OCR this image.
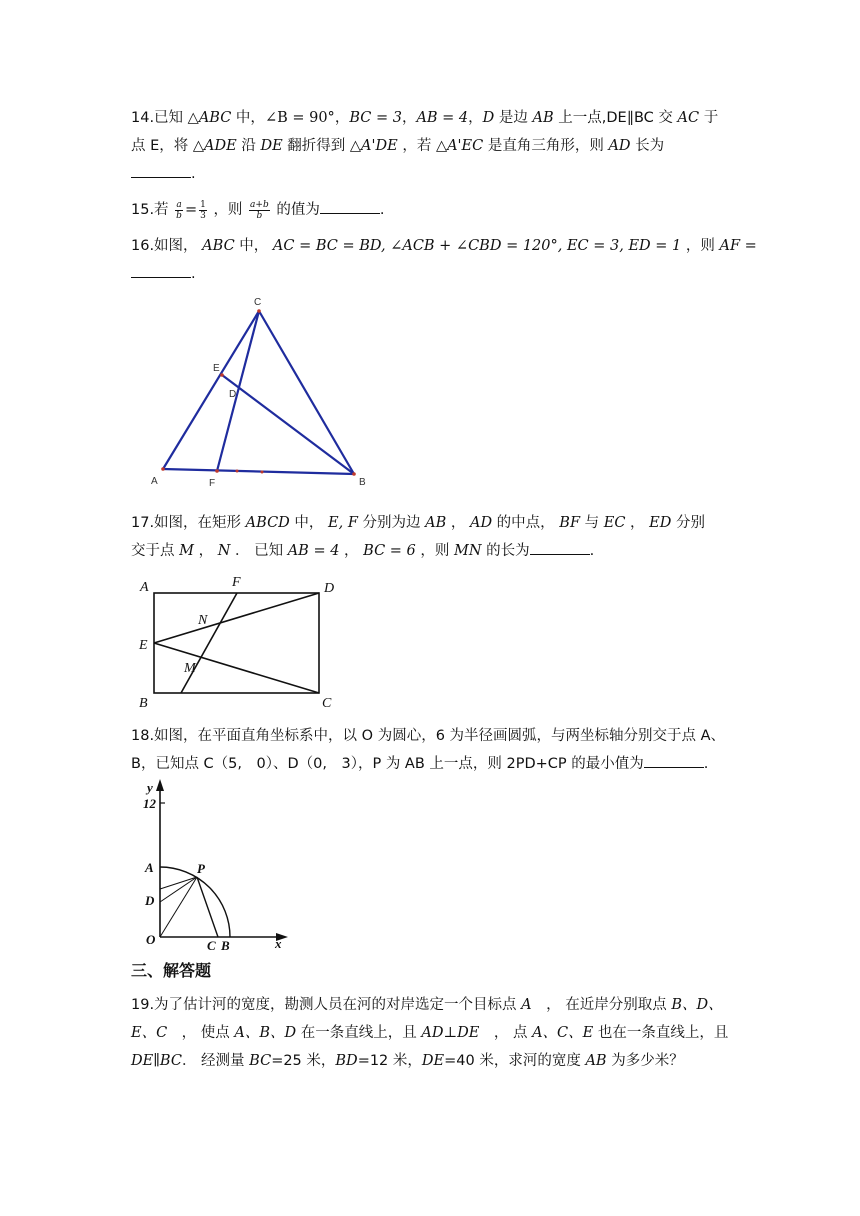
14.已知 △ABC 中，∠B = 90°，BC = 3，AB = 4，D 是边 AB 上一点,DE∥BC 交 AC 于
点 E，将 △ADE 沿 DE 翻折得到 △A'DE ，若 △A'EC 是直角三角形，则 AD 长为
.
15.若 $\frac{a}{b} = \frac{1}{3}$ ，则 $\frac{a+b}{b}$ 的值为	.
16.如图， ABC 中， AC = BC = BD, ∠ACB + ∠CBD = 120°, EC = 3, ED = 1 ，则 AF =
.
C
E
D
A	F	B
17.如图，在矩形 ABCD 中， E, F 分别为边 AB ， AD 的中点， BF 与 EC ， ED 分别
交于点 M ， N ． 已知 AB = 4 ， BC = 6 ，则 MN 的长为	.
A	F	D
N
E
M
B	C
18.如图，在平面直角坐标系中，以 O 为圆心，6 为半径画圆弧，与两坐标轴分别交于点 A、
B，已知点 C（5,　0）、D（0,　3），P 为 AB 上一点，则 2PD+CP 的最小值为	.
y
12
A
D
O
P
C B	x
三、解答题
19.为了估计河的宽度，勘测人员在河的对岸选定一个目标点 A　， 在近岸分别取点 B、D、
E、C　， 使点 A、B、D 在一条直线上，且 AD⊥DE　， 点 A、C、E 也在一条直线上，且
DE∥BC． 经测量 BC=25 米，BD=12 米，DE=40 米，求河的宽度 AB 为多少米？
